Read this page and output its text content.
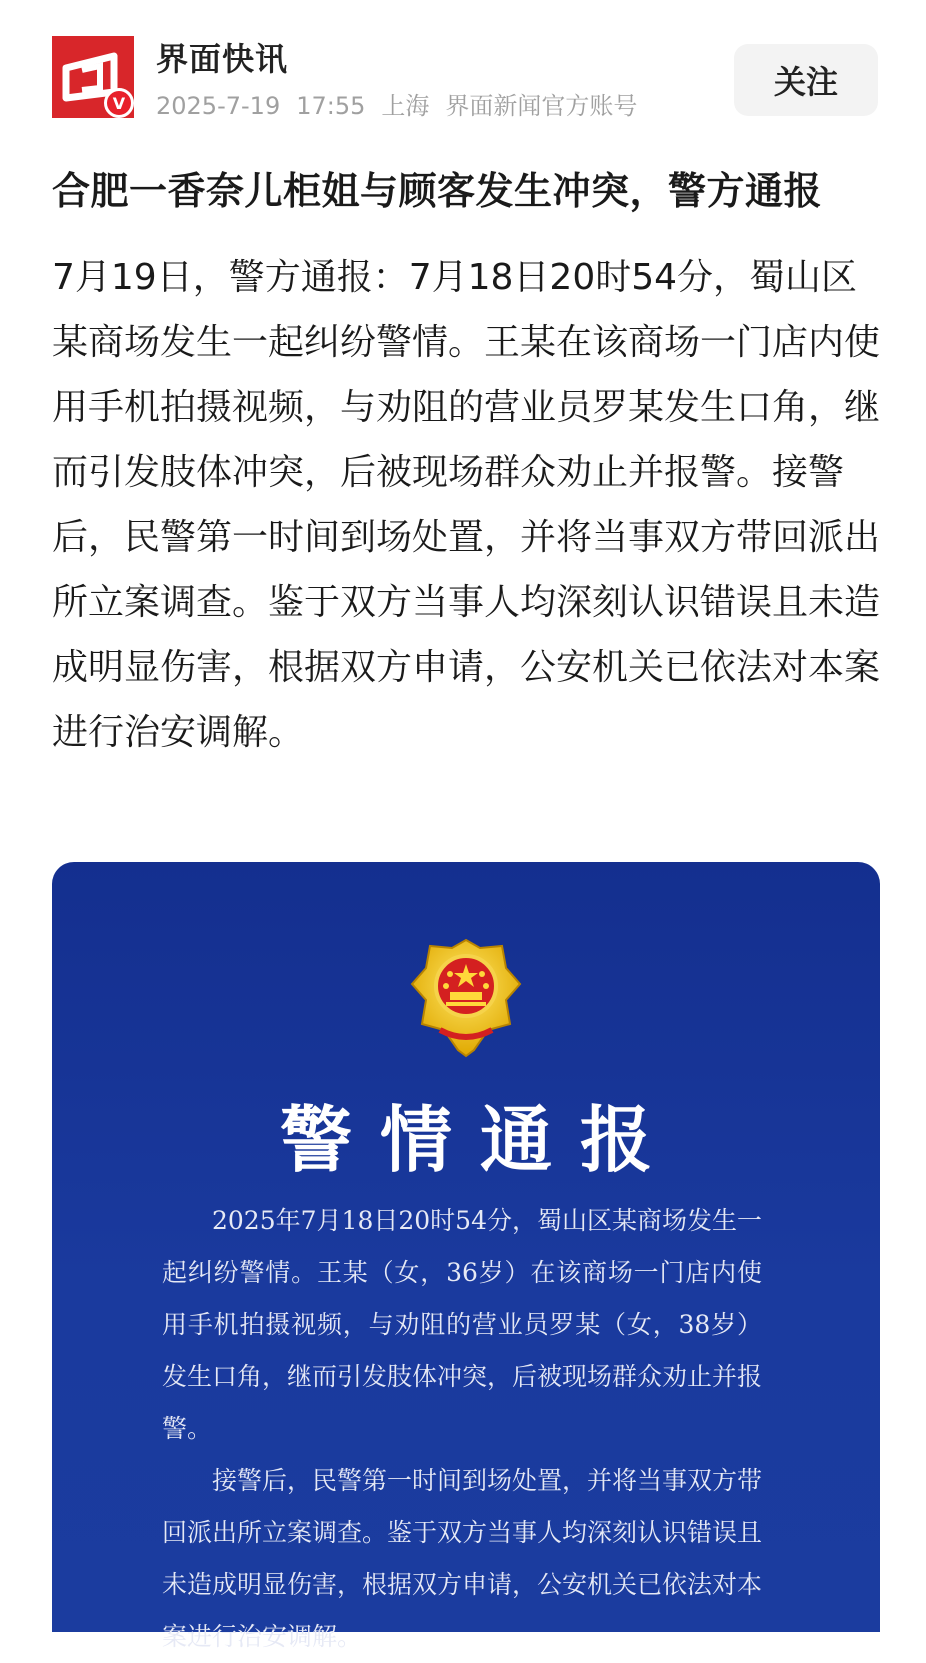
V
界面快讯
2025-7-19 17:55 上海 界面新闻官方账号
关注
合肥一香奈儿柜姐与顾客发生冲突，警方通报
7月19日，警方通报：7月18日20时54分，蜀山区某商场发生一起纠纷警情。王某在该商场一门店内使用手机拍摄视频，与劝阻的营业员罗某发生口角，继而引发肢体冲突，后被现场群众劝止并报警。接警后，民警第一时间到场处置，并将当事双方带回派出所立案调查。鉴于双方当事人均深刻认识错误且未造成明显伤害，根据双方申请，公安机关已依法对本案进行治安调解。
警情通报

2025年7月18日20时54分，蜀山区某商场发生一起纠纷警情。王某（女，36岁）在该商场一门店内使用手机拍摄视频，与劝阻的营业员罗某（女，38岁）发生口角，继而引发肢体冲突，后被现场群众劝止并报警。

接警后，民警第一时间到场处置，并将当事双方带回派出所立案调查。鉴于双方当事人均深刻认识错误且未造成明显伤害，根据双方申请，公安机关已依法对本案进行治安调解。
